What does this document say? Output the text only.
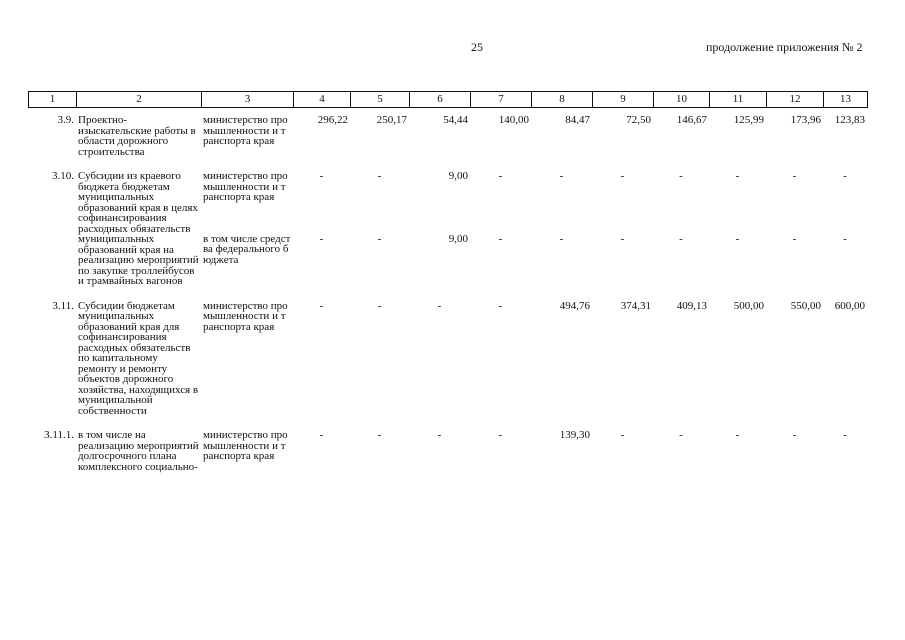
25	продолжение приложения № 2
1	2	3	4	5	6	7	8	9	10	11	12	13
3.9.	Проектно-изыскательские работы в области дорожного строительства	министерство промышленности и транспорта края	296,22	250,17	54,44	140,00	84,47	72,50	146,67	125,99	173,96	123,83
3.10.	Субсидии из краевого бюджета бюджетам муниципальных образований края в целях софинансирования расходных обязательств муниципальных образований края на реализацию мероприятий по закупке троллейбусов и трамвайных вагонов	министерство промышленности и транспорта края	-	-	9,00	-	-	-	-	-	-	-
		в том числе средства федерального бюджета	-	-	9,00	-	-	-	-	-	-	-
3.11.	Субсидии бюджетам муниципальных образований края для софинансирования расходных обязательств по капитальному ремонту и ремонту объектов дорожного хозяйства, находящихся в муниципальной собственности	министерство промышленности и транспорта края	-	-	-	-	494,76	374,31	409,13	500,00	550,00	600,00
3.11.1.	в том числе на реализацию мероприятий долгосрочного плана комплексного социально-	министерство промышленности и транспорта края	-	-	-	-	139,30	-	-	-	-	-
